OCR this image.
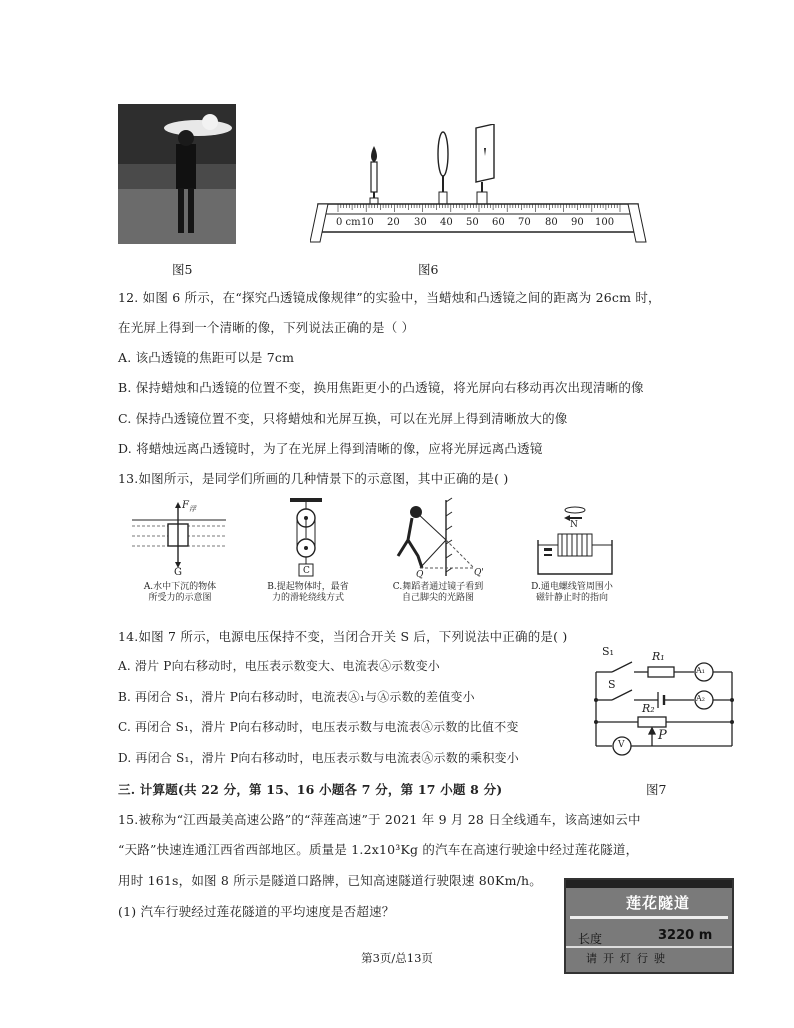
图5
0 cm 10 20 30 40 50 60 70 80 90 100
图6
12. 如图 6 所示，在“探究凸透镜成像规律”的实验中，当蜡烛和凸透镜之间的距离为 26cm 时，
在光屏上得到一个清晰的像，下列说法正确的是（ ）
A. 该凸透镜的焦距可以是 7cm
B. 保持蜡烛和凸透镜的位置不变，换用焦距更小的凸透镜，将光屏向右移动再次出现清晰的像
C. 保持凸透镜位置不变，只将蜡烛和光屏互换，可以在光屏上得到清晰放大的像
D. 将蜡烛远离凸透镜时，为了在光屏上得到清晰的像，应将光屏远离凸透镜
13.如图所示，是同学们所画的几种情景下的示意图，其中正确的是( )
$F_浮$
G	C	Q	Q'
N
A.水中下沉的物体
所受力的示意图
B.提起物体时，最省
力的滑轮绕线方式
C.舞蹈者通过镜子看到
自己脚尖的光路图
D.通电螺线管周围小
磁针静止时的指向
14.如图 7 所示，电源电压保持不变，当闭合开关 S 后，下列说法中正确的是( )
A. 滑片 P向右移动时，电压表示数变大、电流表Ⓐ示数变小
B. 再闭合 S₁，滑片 P向右移动时，电流表Ⓐ₁与Ⓐ示数的差值变小
C. 再闭合 S₁，滑片 P向右移动时，电压表示数与电流表Ⓐ示数的比值不变
D. 再闭合 S₁，滑片 P向右移动时，电压表示数与电流表Ⓐ示数的乘积变小
S₁	R₁
A₁
S
A₂
R₂
P
V
三. 计算题(共 22 分，第 15、16 小题各 7 分，第 17 小题 8 分)	图7
15.被称为“江西最美高速公路”的“萍莲高速”于 2021 年 9 月 28 日全线通车，该高速如云中
“天路”快速连通江西省西部地区。质量是 1.2x10³Kg 的汽车在高速行驶途中经过莲花隧道，
用时 161s，如图 8 所示是隧道口路牌，已知高速隧道行驶限速 80Km/h。
(1) 汽车行驶经过莲花隧道的平均速度是否超速？	莲花隧道
长度	3220 m
请开灯行驶
第3页/总13页
